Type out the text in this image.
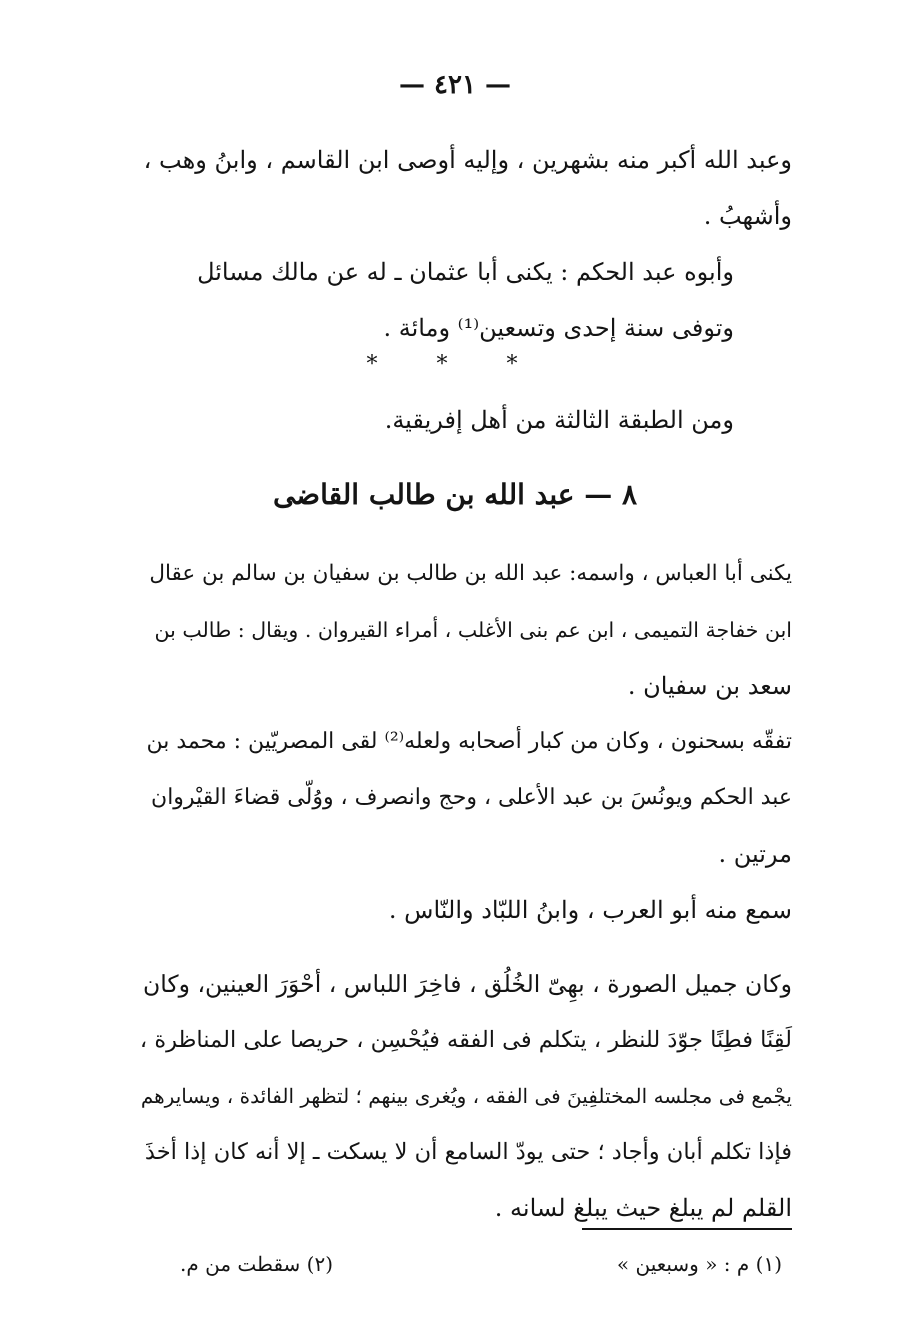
— ٤٢١ —
وعبد الله أكبر منه بشهرين ، وإليه أوصى ابن القاسم ، وابنُ وهب ،
وأشهبُ .
وأبوه عبد الحكم : يكنى أبا عثمان ـ له عن مالك مسائل
وتوفى سنة إحدى وتسعين⁽¹⁾ ومائة .
* * *
ومن الطبقة الثالثة من أهل إفريقية.
٨ — عبد الله بن طالب القاضى
يكنى أبا العباس ، واسمه: عبد الله بن طالب بن سفيان بن سالم بن عقال
ابن خفاجة التميمى ، ابن عم بنى الأغلب ، أمراء القيروان . ويقال : طالب بن
سعد بن سفيان .
تفقّه بسحنون ، وكان من كبار أصحابه ولعله⁽²⁾ لقى المصريّين : محمد بن
عبد الحكم ويونُسَ بن عبد الأعلى ، وحج وانصرف ، ووُلّى قضاءَ القيْروان
مرتين .
سمع منه أبو العرب ، وابنُ اللبّاد والنّاس .
وكان جميل الصورة ، بهِىّ الخُلُق ، فاخِرَ اللباس ، أحْوَرَ العينين، وكان
لَقِنًا فطِنًا جوّدَ للنظر ، يتكلم فى الفقه فيُحْسِن ، حريصا على المناظرة ،
يجْمع فى مجلسه المختلفِينَ فى الفقه ، ويُغرى بينهم ؛ لتظهر الفائدة ، ويسايرهم
فإذا تكلم أبان وأجاد ؛ حتى يودّ السامع أن لا يسكت ـ إلا أنه كان إذا أخذَ
القلم لم يبلغ حيث يبلغ لسانه .
(١) م : « وسبعين »
(٢) سقطت من م.
